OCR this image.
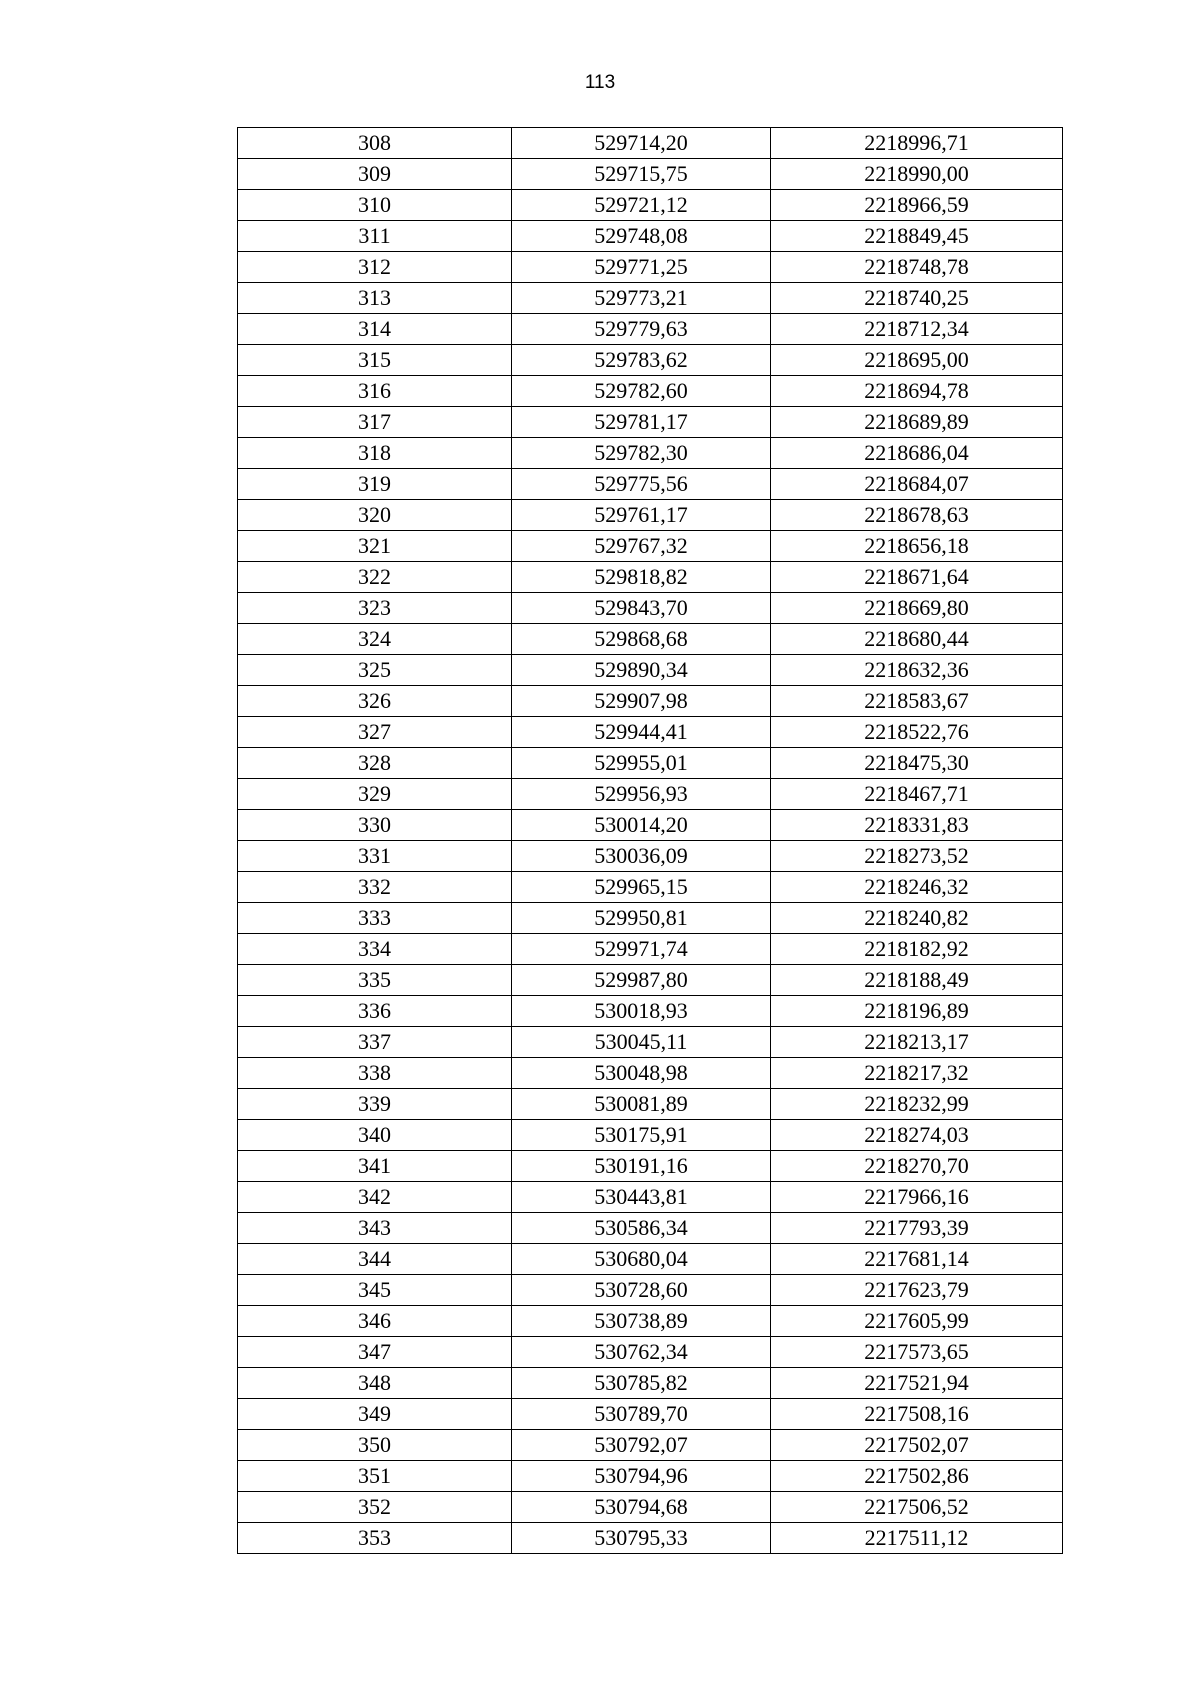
113
308	529714,20	2218996,71
309	529715,75	2218990,00
310	529721,12	2218966,59
311	529748,08	2218849,45
312	529771,25	2218748,78
313	529773,21	2218740,25
314	529779,63	2218712,34
315	529783,62	2218695,00
316	529782,60	2218694,78
317	529781,17	2218689,89
318	529782,30	2218686,04
319	529775,56	2218684,07
320	529761,17	2218678,63
321	529767,32	2218656,18
322	529818,82	2218671,64
323	529843,70	2218669,80
324	529868,68	2218680,44
325	529890,34	2218632,36
326	529907,98	2218583,67
327	529944,41	2218522,76
328	529955,01	2218475,30
329	529956,93	2218467,71
330	530014,20	2218331,83
331	530036,09	2218273,52
332	529965,15	2218246,32
333	529950,81	2218240,82
334	529971,74	2218182,92
335	529987,80	2218188,49
336	530018,93	2218196,89
337	530045,11	2218213,17
338	530048,98	2218217,32
339	530081,89	2218232,99
340	530175,91	2218274,03
341	530191,16	2218270,70
342	530443,81	2217966,16
343	530586,34	2217793,39
344	530680,04	2217681,14
345	530728,60	2217623,79
346	530738,89	2217605,99
347	530762,34	2217573,65
348	530785,82	2217521,94
349	530789,70	2217508,16
350	530792,07	2217502,07
351	530794,96	2217502,86
352	530794,68	2217506,52
353	530795,33	2217511,12
